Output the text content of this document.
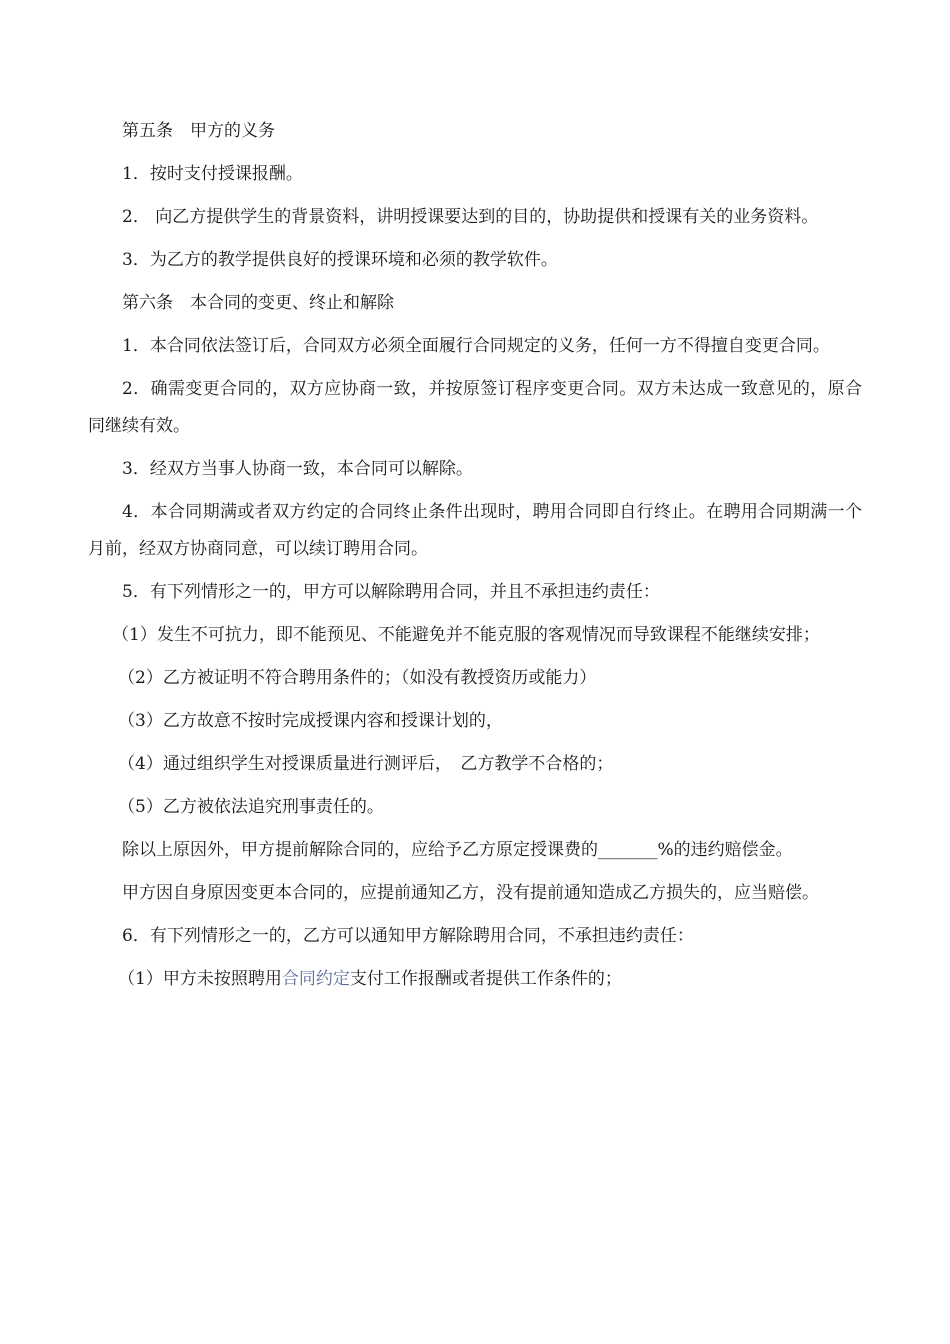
第五条　甲方的义务

1．按时支付授课报酬。

2． 向乙方提供学生的背景资料，讲明授课要达到的目的，协助提供和授课有关的业务资料。

3．为乙方的教学提供良好的授课环境和必须的教学软件。

第六条　本合同的变更、终止和解除

1．本合同依法签订后，合同双方必须全面履行合同规定的义务，任何一方不得擅自变更合同。

2．确需变更合同的，双方应协商一致，并按原签订程序变更合同。双方未达成一致意见的，原合同继续有效。

3．经双方当事人协商一致，本合同可以解除。

4．本合同期满或者双方约定的合同终止条件出现时，聘用合同即自行终止。在聘用合同期满一个月前，经双方协商同意，可以续订聘用合同。

5．有下列情形之一的，甲方可以解除聘用合同，并且不承担违约责任：

（1）发生不可抗力，即不能预见、不能避免并不能克服的客观情况而导致课程不能继续安排；

（2）乙方被证明不符合聘用条件的；（如没有教授资历或能力）

（3）乙方故意不按时完成授课内容和授课计划的，

（4）通过组织学生对授课质量进行测评后，　乙方教学不合格的；

（5）乙方被依法追究刑事责任的。

除以上原因外，甲方提前解除合同的，应给予乙方原定授课费的_______%的违约赔偿金。

甲方因自身原因变更本合同的，应提前通知乙方，没有提前通知造成乙方损失的，应当赔偿。

6．有下列情形之一的，乙方可以通知甲方解除聘用合同，不承担违约责任：

（1）甲方未按照聘用合同约定支付工作报酬或者提供工作条件的；
